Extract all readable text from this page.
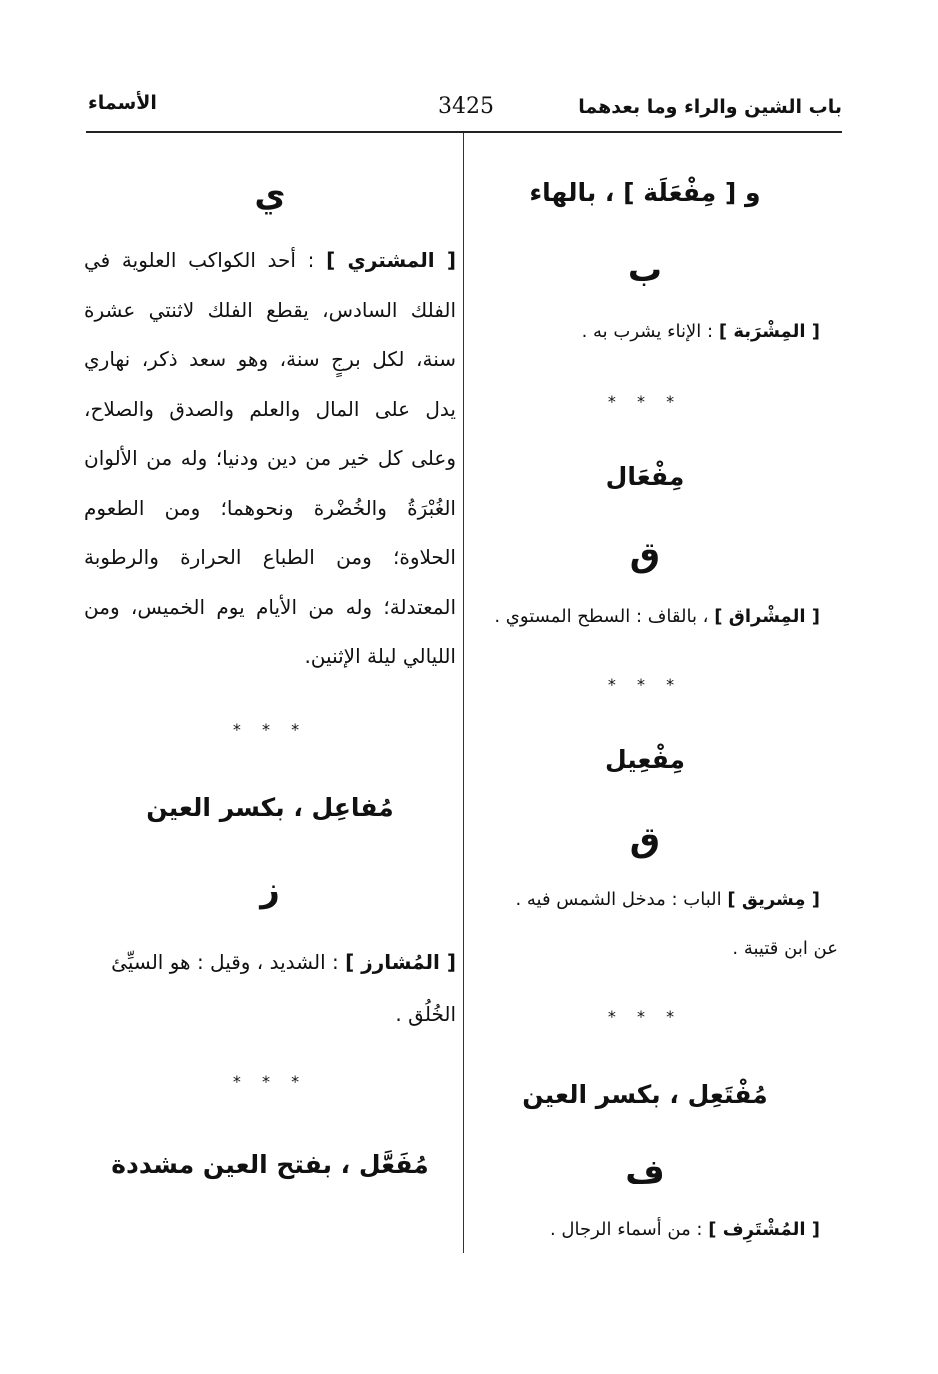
باب الشين والراء وما بعدهما
3425
الأسماء
و [ مِفْعَلَة ] ، بالهاء
ب
[ المِشْرَبة ] : الإناء يشرب به .
* * *
مِفْعَال
ق
[ المِشْراق ] ، بالقاف : السطح المستوي .
* * *
مِفْعِيل
ق
[ مِشريق ] الباب : مدخل الشمس فيه .
عن ابن قتيبة .
* * *
مُفْتَعِل ، بكسر العين
ف
[ المُشْتَرِف ] : من أسماء الرجال .
ي
[ المشتري ] : أحد الكواكب العلوية في الفلك السادس، يقطع الفلك لاثنتي عشرة سنة، لكل برجٍ سنة، وهو سعد ذكر، نهاري يدل على المال والعلم والصدق والصلاح، وعلى كل خير من دين ودنيا؛ وله من الألوان الغُبْرَةُ والخُضْرة ونحوهما؛ ومن الطعوم الحلاوة؛ ومن الطباع الحرارة والرطوبة المعتدلة؛ وله من الأيام يوم الخميس، ومن الليالي ليلة الإثنين.
* * *
مُفاعِل ، بكسر العين
ز
[ المُشارز ] : الشديد ، وقيل : هو السيِّئ الخُلُق .
* * *
مُفَعَّل ، بفتح العين مشددة
